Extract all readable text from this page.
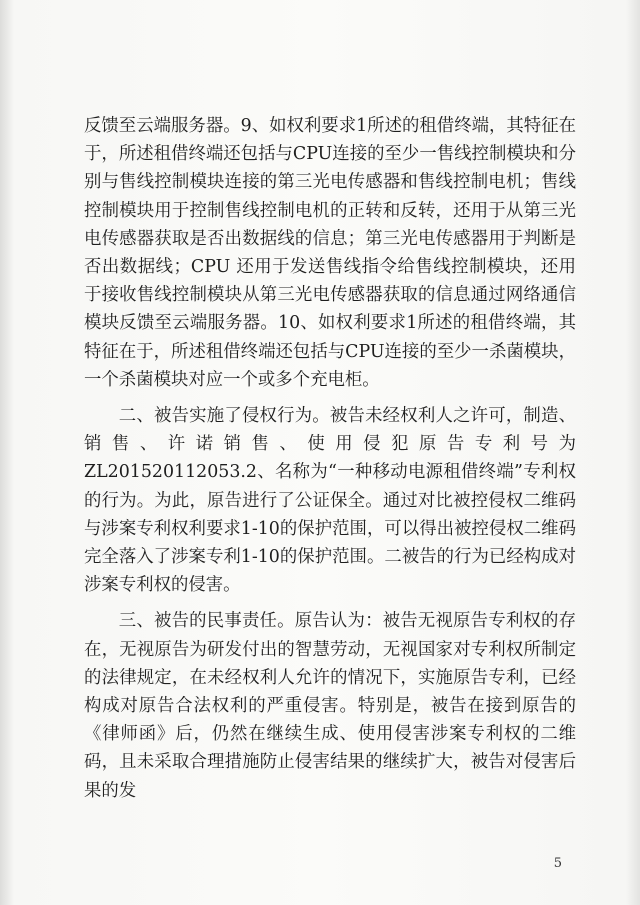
反馈至云端服务器。9、如权利要求1所述的租借终端，其特征在于，所述租借终端还包括与CPU连接的至少一售线控制模块和分别与售线控制模块连接的第三光电传感器和售线控制电机；售线控制模块用于控制售线控制电机的正转和反转，还用于从第三光电传感器获取是否出数据线的信息；第三光电传感器用于判断是否出数据线；CPU 还用于发送售线指令给售线控制模块，还用于接收售线控制模块从第三光电传感器获取的信息通过网络通信模块反馈至云端服务器。10、如权利要求1所述的租借终端，其特征在于，所述租借终端还包括与CPU连接的至少一杀菌模块，一个杀菌模块对应一个或多个充电柜。

二、被告实施了侵权行为。被告未经权利人之许可，制造、销售、许诺销售、使用侵犯原告专利号为ZL201520112053.2、名称为“一种移动电源租借终端”专利权的行为。为此，原告进行了公证保全。通过对比被控侵权二维码与涉案专利权利要求1-10的保护范围，可以得出被控侵权二维码完全落入了涉案专利1-10的保护范围。二被告的行为已经构成对涉案专利权的侵害。

三、被告的民事责任。原告认为：被告无视原告专利权的存在，无视原告为研发付出的智慧劳动，无视国家对专利权所制定的法律规定，在未经权利人允许的情况下，实施原告专利，已经构成对原告合法权利的严重侵害。特别是，被告在接到原告的《律师函》后，仍然在继续生成、使用侵害涉案专利权的二维码，且未采取合理措施防止侵害结果的继续扩大，被告对侵害后果的发

5
